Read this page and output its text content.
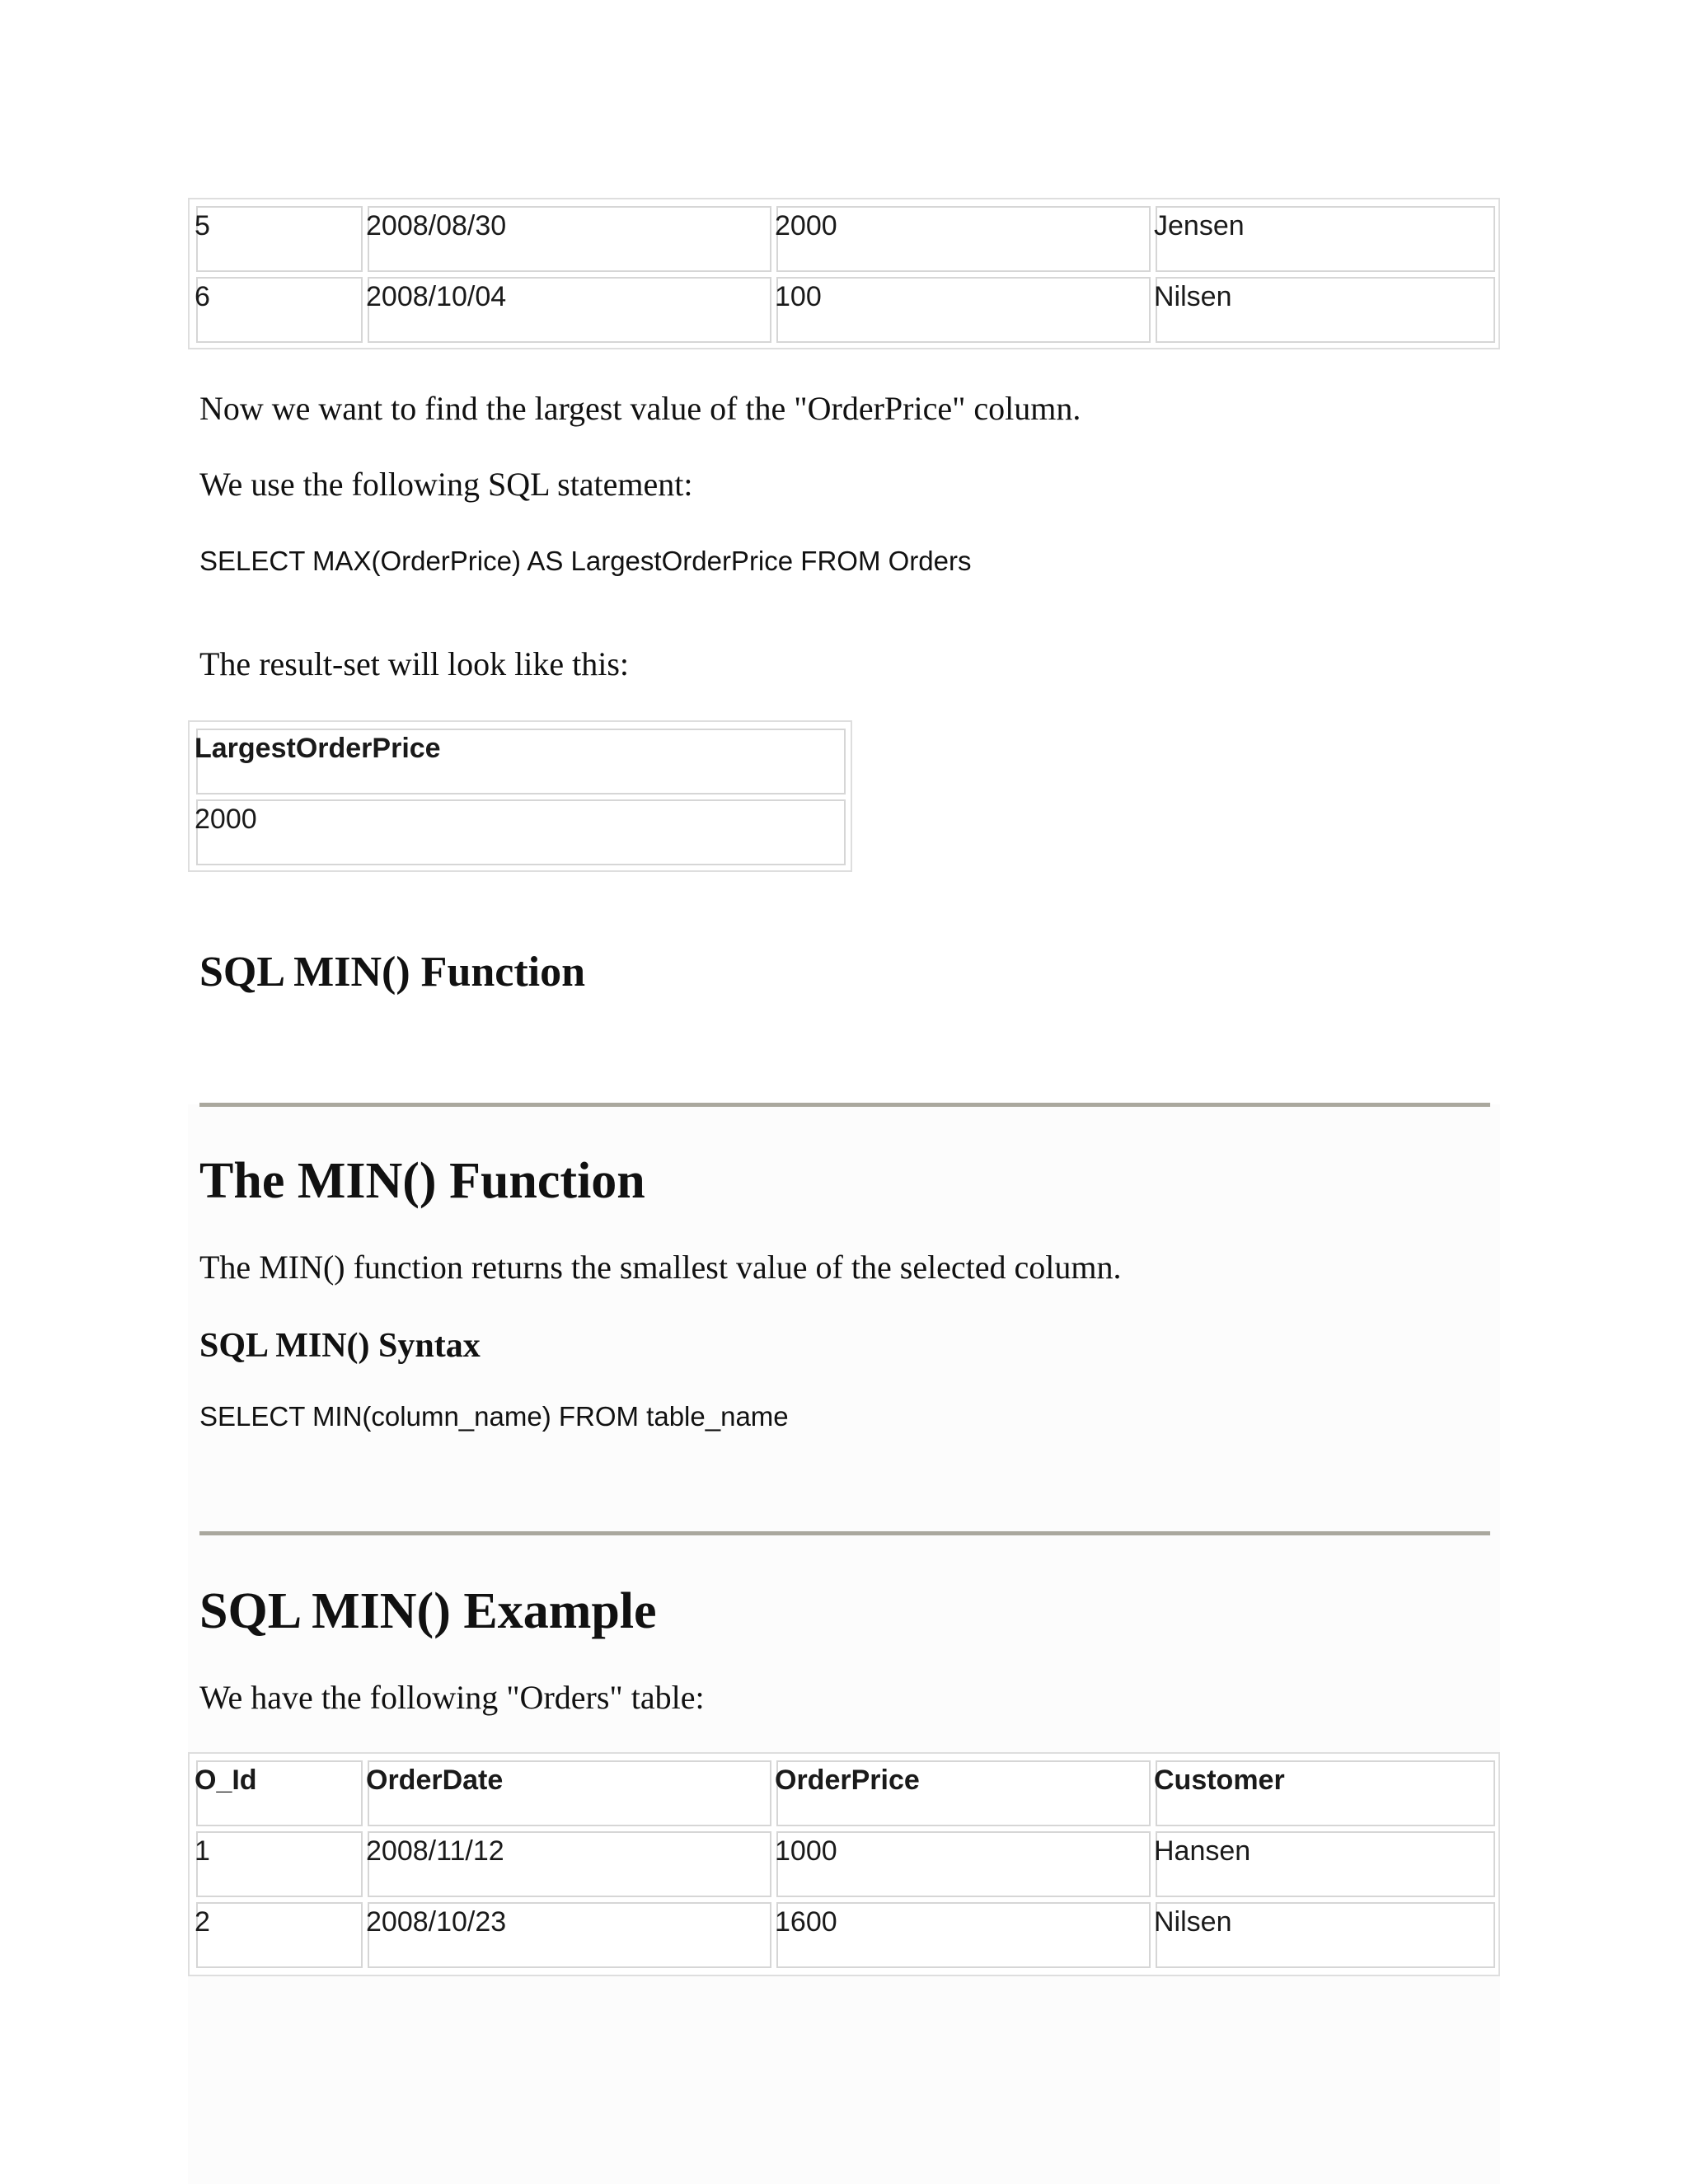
5	2008/08/30	2000	Jensen
6	2008/10/04	100	Nilsen
Now we want to find the largest value of the "OrderPrice" column.
We use the following SQL statement:
SELECT MAX(OrderPrice) AS LargestOrderPrice FROM Orders
The result-set will look like this:
LargestOrderPrice
2000
SQL MIN() Function
The MIN() Function
The MIN() function returns the smallest value of the selected column.
SQL MIN() Syntax
SELECT MIN(column_name) FROM table_name
SQL MIN() Example
We have the following "Orders" table:
O_Id	OrderDate	OrderPrice	Customer
1	2008/11/12	1000	Hansen
2	2008/10/23	1600	Nilsen
